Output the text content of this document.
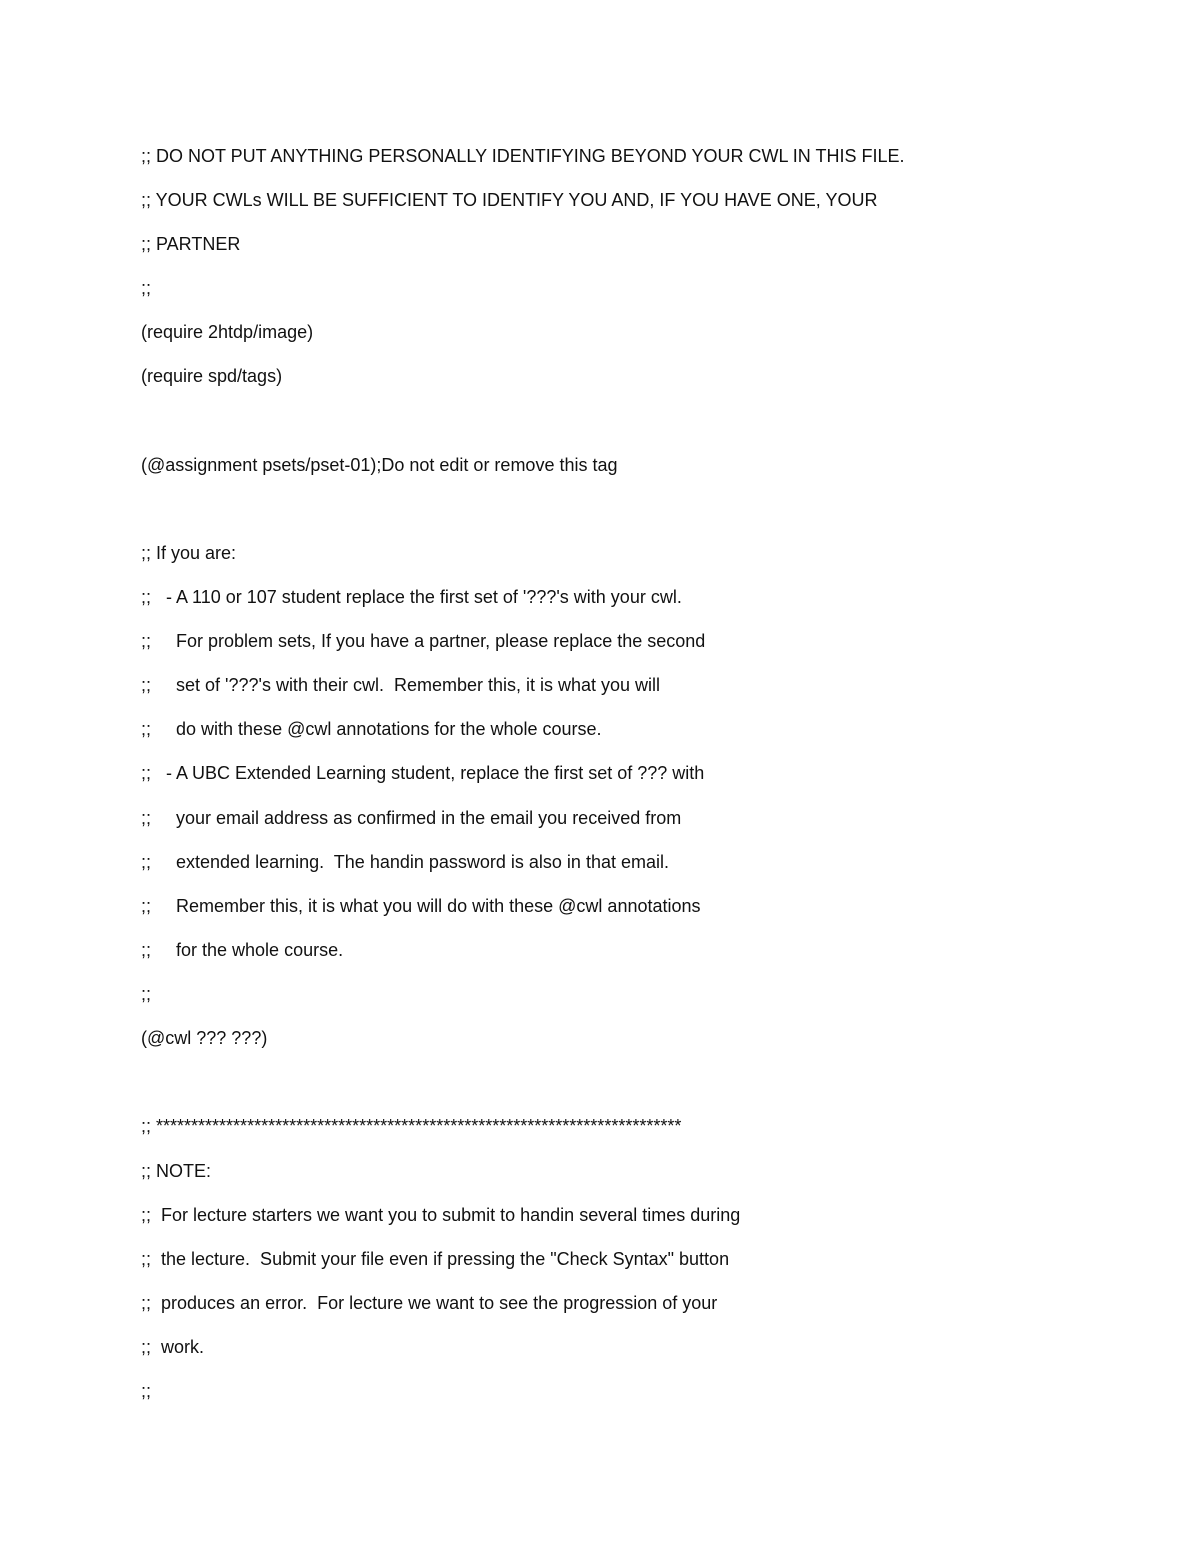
;; DO NOT PUT ANYTHING PERSONALLY IDENTIFYING BEYOND YOUR CWL IN THIS FILE.

;; YOUR CWLs WILL BE SUFFICIENT TO IDENTIFY YOU AND, IF YOU HAVE ONE, YOUR

;; PARTNER

;;

(require 2htdp/image)

(require spd/tags)

(@assignment psets/pset-01);Do not edit or remove this tag

;; If you are:

;;   - A 110 or 107 student replace the first set of '???'s with your cwl.

;;     For problem sets, If you have a partner, please replace the second

;;     set of '???'s with their cwl.  Remember this, it is what you will

;;     do with these @cwl annotations for the whole course.

;;   - A UBC Extended Learning student, replace the first set of ??? with

;;     your email address as confirmed in the email you received from

;;     extended learning.  The handin password is also in that email.

;;     Remember this, it is what you will do with these @cwl annotations

;;     for the whole course.

;;

(@cwl ??? ???)

;; ***************************************************************************

;; NOTE:

;;  For lecture starters we want you to submit to handin several times during

;;  the lecture.  Submit your file even if pressing the "Check Syntax" button

;;  produces an error.  For lecture we want to see the progression of your

;;  work.

;;
